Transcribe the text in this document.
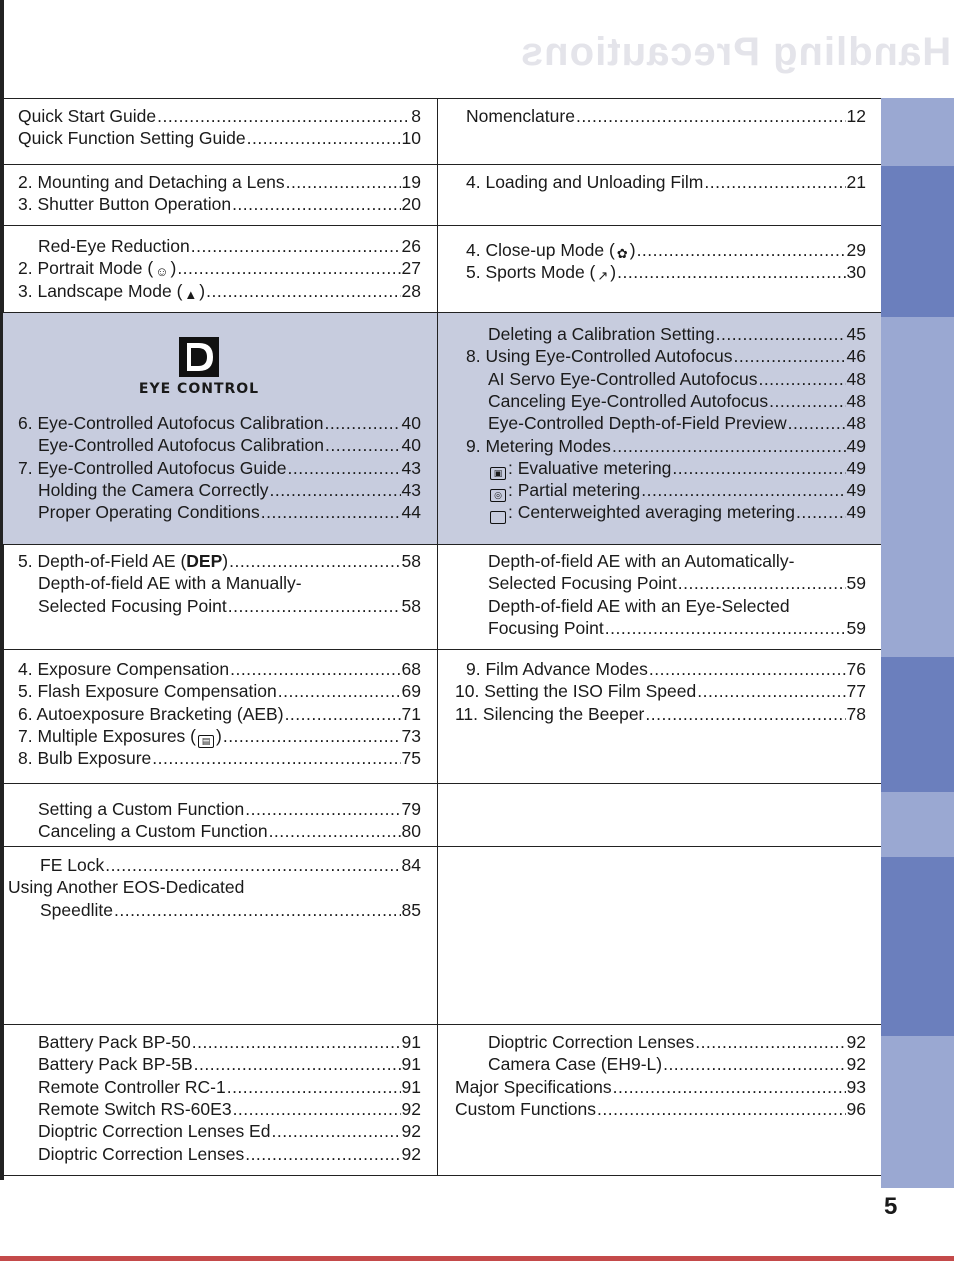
Handling Precautions
Quick Start Guide .....	8
Quick Function Setting Guide .....	10
Nomenclature .....	12
2. Mounting and Detaching a Lens .....	19
3. Shutter Button Operation .....	20
4. Loading and Unloading Film .....	21
Red-Eye Reduction .....	26
2. Portrait Mode ( ☺ ) .....	27
3. Landscape Mode ( ▲ ) .....	28
4. Close-up Mode ( ✿ ) .....	29
5. Sports Mode ( ↗ ) .....	30
EYE CONTROL
6. Eye-Controlled Autofocus Calibration .....	40
Eye-Controlled Autofocus Calibration .....	40
7. Eye-Controlled Autofocus Guide .....	43
Holding the Camera Correctly .....	43
Proper Operating Conditions .....	44
Deleting a Calibration Setting .....	45
8. Using Eye-Controlled Autofocus .....	46
AI Servo Eye-Controlled Autofocus .....	48
Canceling Eye-Controlled Autofocus .....	48
Eye-Controlled Depth-of-Field Preview .....	48
9. Metering Modes .....	49
▣ : Evaluative metering .....	49
◎ : Partial metering .....	49
: Centerweighted averaging metering .....	49
5. Depth-of-Field AE (DEP) .....	58
Depth-of-field AE with a Manually-
Selected Focusing Point .....	58
Depth-of-field AE with an Automatically-
Selected Focusing Point .....	59
Depth-of-field AE with an Eye-Selected
Focusing Point .....	59
4. Exposure Compensation .....	68
5. Flash Exposure Compensation .....	69
6. Autoexposure Bracketing (AEB) .....	71
7. Multiple Exposures ( ▤ ) .....	73
8. Bulb Exposure .....	75
9. Film Advance Modes .....	76
10. Setting the ISO Film Speed .....	77
11. Silencing the Beeper .....	78
Setting a Custom Function .....	79
Canceling a Custom Function .....	80
FE Lock .....	84
Using Another EOS-Dedicated
Speedlite .....	85
Battery Pack BP-50 .....	91
Battery Pack BP-5B .....	91
Remote Controller RC-1 .....	91
Remote Switch RS-60E3 .....	92
Dioptric Correction Lenses Ed .....	92
Dioptric Correction Lenses .....	92
Dioptric Correction Lenses .....	92
Camera Case (EH9-L) .....	92
Major Specifications .....	93
Custom Functions .....	96
5
